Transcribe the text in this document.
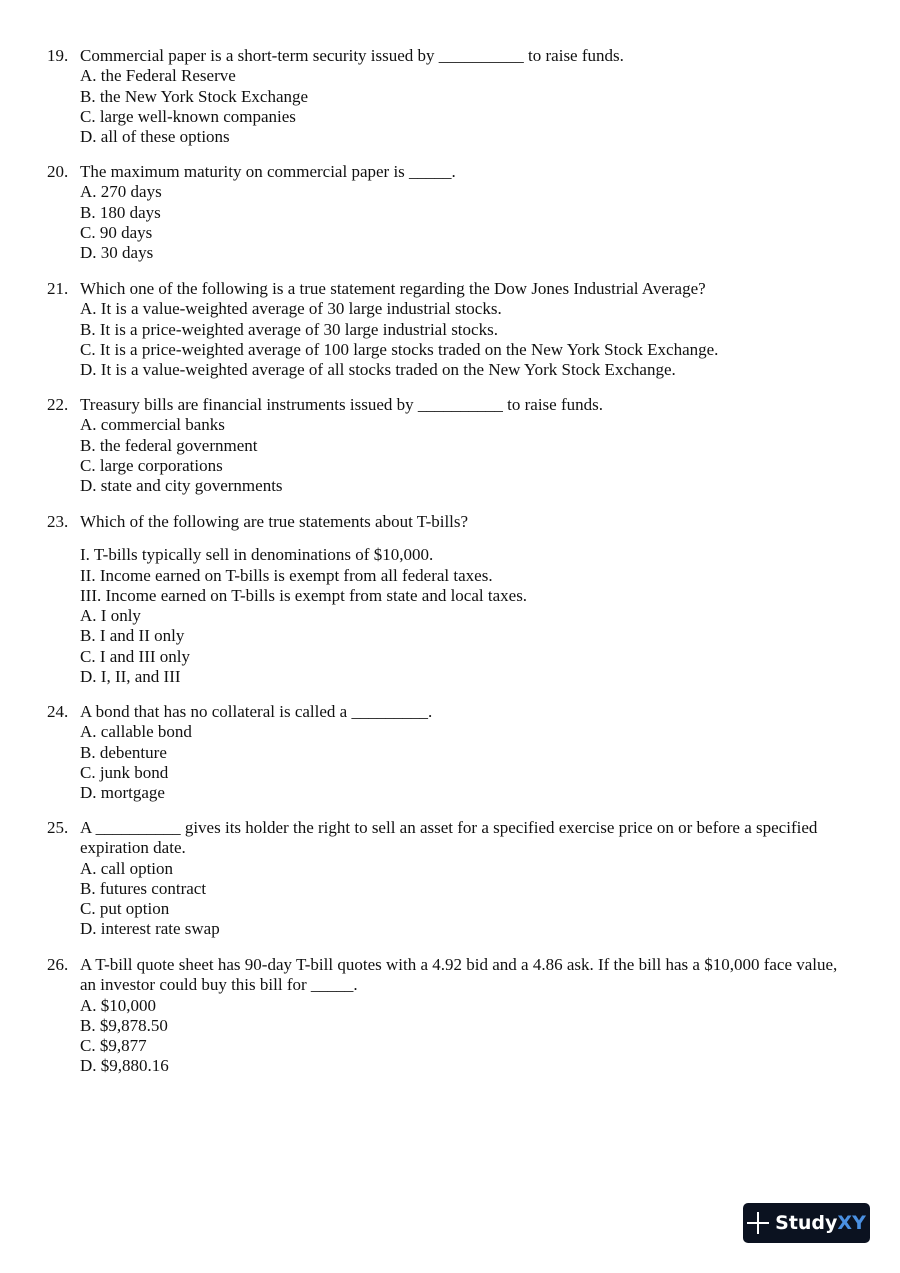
19. Commercial paper is a short-term security issued by __________ to raise funds.
A. the Federal Reserve
B. the New York Stock Exchange
C. large well-known companies
D. all of these options
20. The maximum maturity on commercial paper is _____.
A. 270 days
B. 180 days
C. 90 days
D. 30 days
21. Which one of the following is a true statement regarding the Dow Jones Industrial Average?
A. It is a value-weighted average of 30 large industrial stocks.
B. It is a price-weighted average of 30 large industrial stocks.
C. It is a price-weighted average of 100 large stocks traded on the New York Stock Exchange.
D. It is a value-weighted average of all stocks traded on the New York Stock Exchange.
22. Treasury bills are financial instruments issued by __________ to raise funds.
A. commercial banks
B. the federal government
C. large corporations
D. state and city governments
23. Which of the following are true statements about T-bills?
I. T-bills typically sell in denominations of $10,000.
II. Income earned on T-bills is exempt from all federal taxes.
III. Income earned on T-bills is exempt from state and local taxes.
A. I only
B. I and II only
C. I and III only
D. I, II, and III
24. A bond that has no collateral is called a _________.
A. callable bond
B. debenture
C. junk bond
D. mortgage
25. A __________ gives its holder the right to sell an asset for a specified exercise price on or before a specified expiration date.
A. call option
B. futures contract
C. put option
D. interest rate swap
26. A T-bill quote sheet has 90-day T-bill quotes with a 4.92 bid and a 4.86 ask. If the bill has a $10,000 face value, an investor could buy this bill for _____.
A. $10,000
B. $9,878.50
C. $9,877
D. $9,880.16
Study XY
